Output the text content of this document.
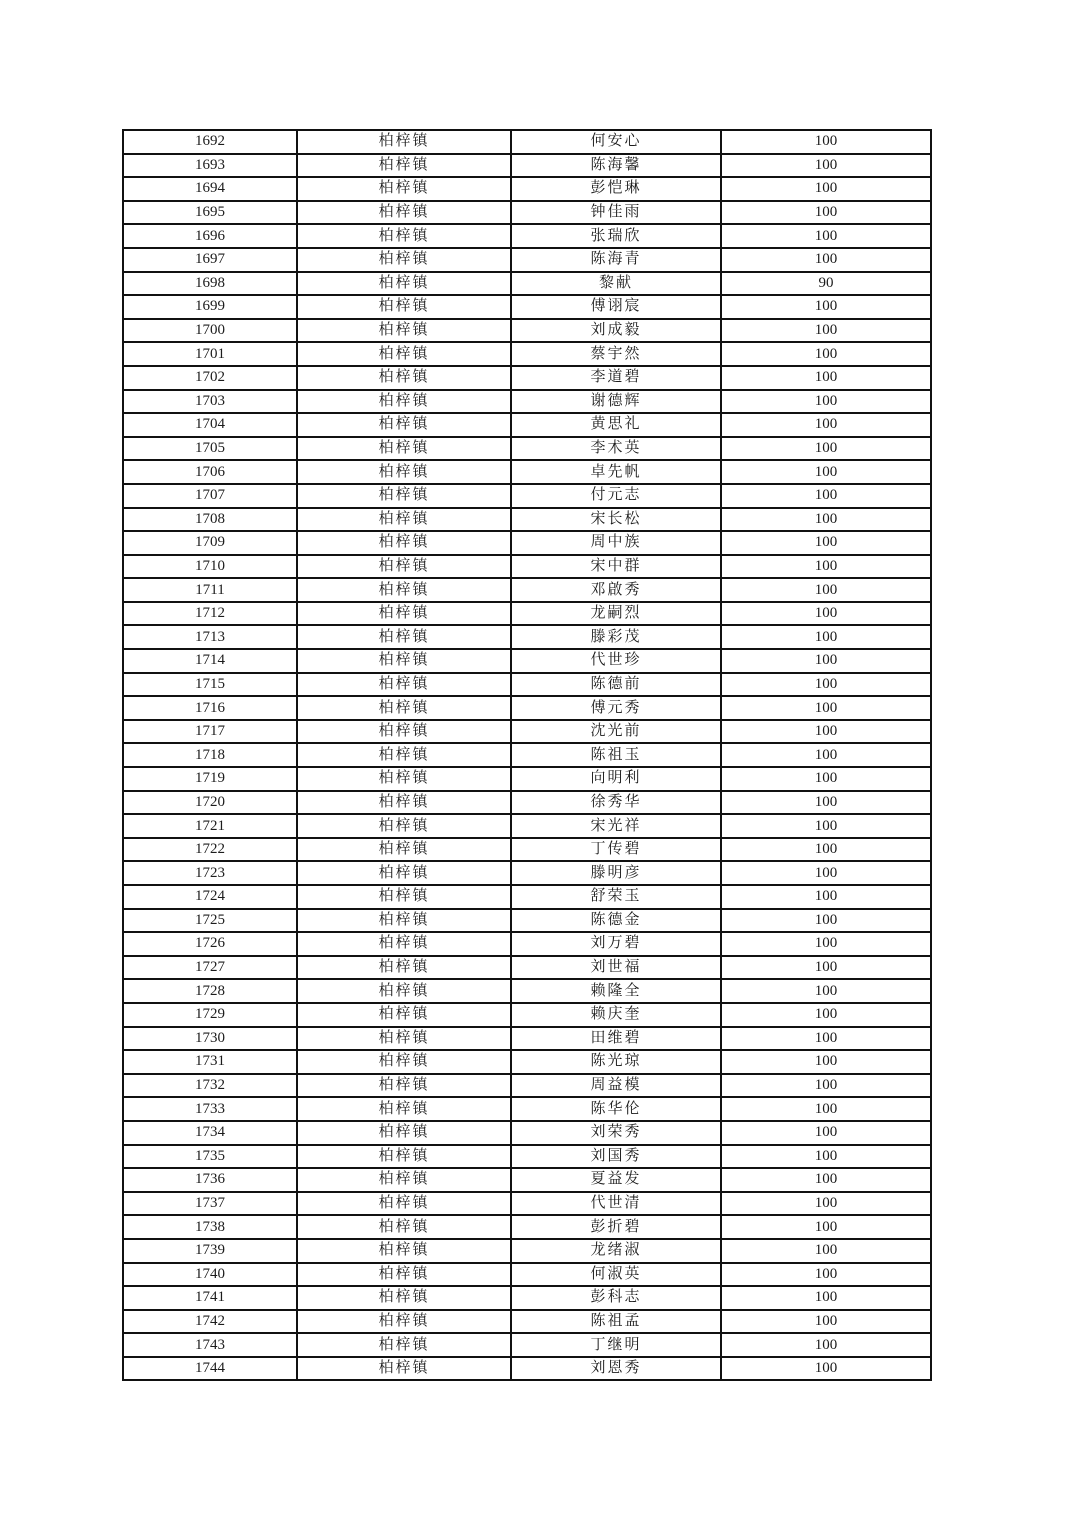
1692	柏梓镇	何安心	100
1693	柏梓镇	陈海馨	100
1694	柏梓镇	彭恺琳	100
1695	柏梓镇	钟佳雨	100
1696	柏梓镇	张瑞欣	100
1697	柏梓镇	陈海青	100
1698	柏梓镇	黎献	90
1699	柏梓镇	傅诩宸	100
1700	柏梓镇	刘成毅	100
1701	柏梓镇	蔡宇然	100
1702	柏梓镇	李道碧	100
1703	柏梓镇	谢德辉	100
1704	柏梓镇	黄思礼	100
1705	柏梓镇	李术英	100
1706	柏梓镇	卓先帆	100
1707	柏梓镇	付元志	100
1708	柏梓镇	宋长松	100
1709	柏梓镇	周中族	100
1710	柏梓镇	宋中群	100
1711	柏梓镇	邓啟秀	100
1712	柏梓镇	龙嗣烈	100
1713	柏梓镇	滕彩茂	100
1714	柏梓镇	代世珍	100
1715	柏梓镇	陈德前	100
1716	柏梓镇	傅元秀	100
1717	柏梓镇	沈光前	100
1718	柏梓镇	陈祖玉	100
1719	柏梓镇	向明利	100
1720	柏梓镇	徐秀华	100
1721	柏梓镇	宋光祥	100
1722	柏梓镇	丁传碧	100
1723	柏梓镇	滕明彦	100
1724	柏梓镇	舒荣玉	100
1725	柏梓镇	陈德金	100
1726	柏梓镇	刘万碧	100
1727	柏梓镇	刘世福	100
1728	柏梓镇	赖隆全	100
1729	柏梓镇	赖庆奎	100
1730	柏梓镇	田维碧	100
1731	柏梓镇	陈光琼	100
1732	柏梓镇	周益模	100
1733	柏梓镇	陈华伦	100
1734	柏梓镇	刘荣秀	100
1735	柏梓镇	刘国秀	100
1736	柏梓镇	夏益发	100
1737	柏梓镇	代世清	100
1738	柏梓镇	彭折碧	100
1739	柏梓镇	龙绪淑	100
1740	柏梓镇	何淑英	100
1741	柏梓镇	彭科志	100
1742	柏梓镇	陈祖孟	100
1743	柏梓镇	丁继明	100
1744	柏梓镇	刘恩秀	100
